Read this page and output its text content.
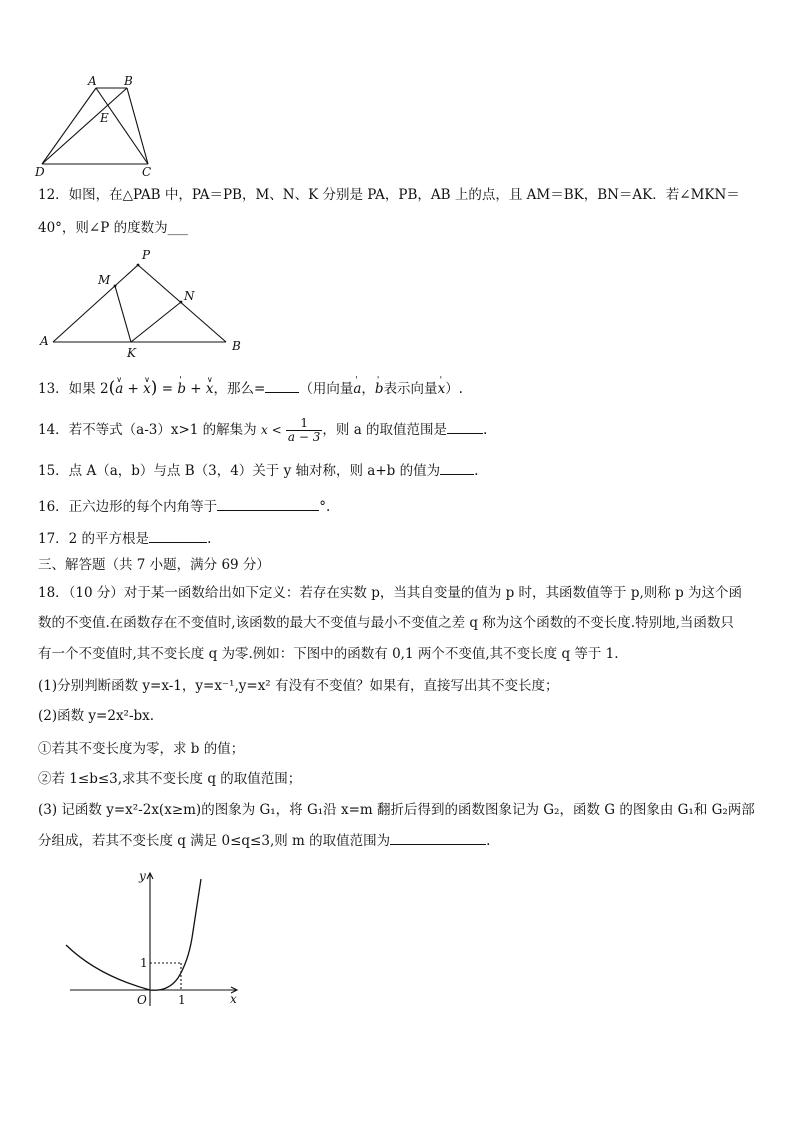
A B
E
D	C
12．如图，在△PAB 中，PA＝PB，M、N、K 分别是 PA，PB，AB 上的点，且 AM＝BK，BN＝AK．若∠MKN＝
40°，则∠P 的度数为___
P
M
N
A
K	B
13．如果 2(∨ a + ∨ x) = ' b + ∨ x，那么=	（用向量' a，' b表示向量' x）.
14．若不等式（a-3）x>1 的解集为 $x < \frac{1}{a - 3}$ ，则 a 的取值范围是	.
15．点 A（a，b）与点 B（3，4）关于 y 轴对称，则 a+b 的值为	.
16．正六边形的每个内角等于	°.
17．2 的平方根是	.
三、解答题（共 7 小题，满分 69 分）
18．（10 分）对于某一函数给出如下定义：若存在实数 p，当其自变量的值为 p 时，其函数值等于 p,则称 p 为这个函
数的不变值.在函数存在不变值时,该函数的最大不变值与最小不变值之差 q 称为这个函数的不变长度.特别地,当函数只
有一个不变值时,其不变长度 q 为零.例如：下图中的函数有 0,1 两个不变值,其不变长度 q 等于 1.
(1)分别判断函数 y=x-1，y=x⁻¹,y=x² 有没有不变值？如果有，直接写出其不变长度；
(2)函数 y=2x²-bx.
①若其不变长度为零，求 b 的值；
②若 1≤b≤3,求其不变长度 q 的取值范围；
(3) 记函数 y=x²-2x(x≥m)的图象为 G₁，将 G₁沿 x=m 翻折后得到的函数图象记为 G₂，函数 G 的图象由 G₁和 G₂两部
分组成，若其不变长度 q 满足 0≤q≤3,则 m 的取值范围为	.
y
x
O	1
1
